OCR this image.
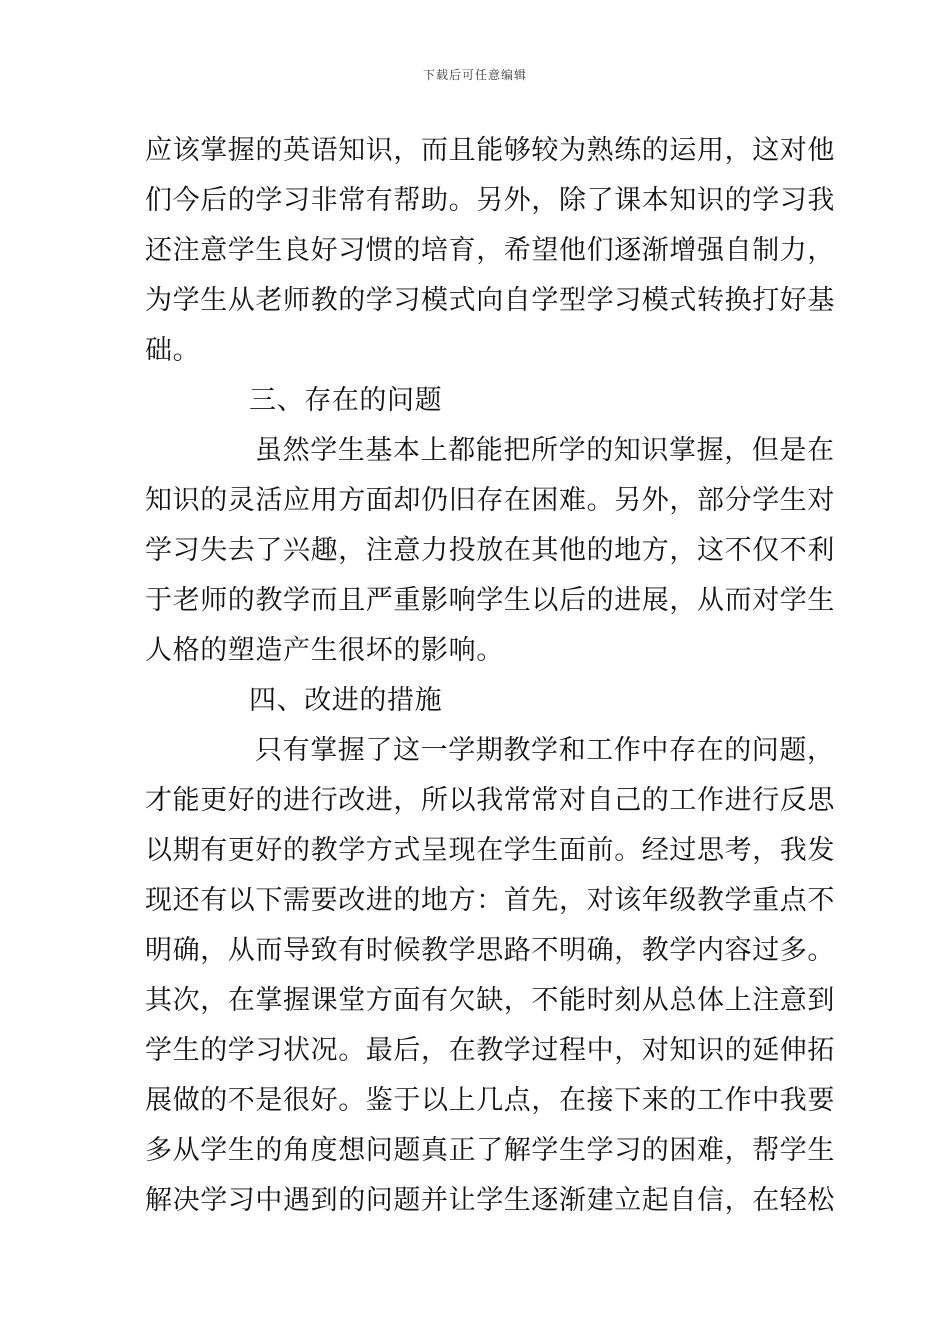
下载后可任意编辑
应该掌握的英语知识，而且能够较为熟练的运用，这对他
们今后的学习非常有帮助。另外，除了课本知识的学习我
还注意学生良好习惯的培育，希望他们逐渐增强自制力，
为学生从老师教的学习模式向自学型学习模式转换打好基
础。
三、存在的问题
虽然学生基本上都能把所学的知识掌握，但是在
知识的灵活应用方面却仍旧存在困难。另外，部分学生对
学习失去了兴趣，注意力投放在其他的地方，这不仅不利
于老师的教学而且严重影响学生以后的进展，从而对学生
人格的塑造产生很坏的影响。
四、改进的措施
只有掌握了这一学期教学和工作中存在的问题，
才能更好的进行改进，所以我常常对自己的工作进行反思
以期有更好的教学方式呈现在学生面前。经过思考，我发
现还有以下需要改进的地方：首先，对该年级教学重点不
明确，从而导致有时候教学思路不明确，教学内容过多。
其次，在掌握课堂方面有欠缺，不能时刻从总体上注意到
学生的学习状况。最后，在教学过程中，对知识的延伸拓
展做的不是很好。鉴于以上几点，在接下来的工作中我要
多从学生的角度想问题真正了解学生学习的困难，帮学生
解决学习中遇到的问题并让学生逐渐建立起自信，在轻松
